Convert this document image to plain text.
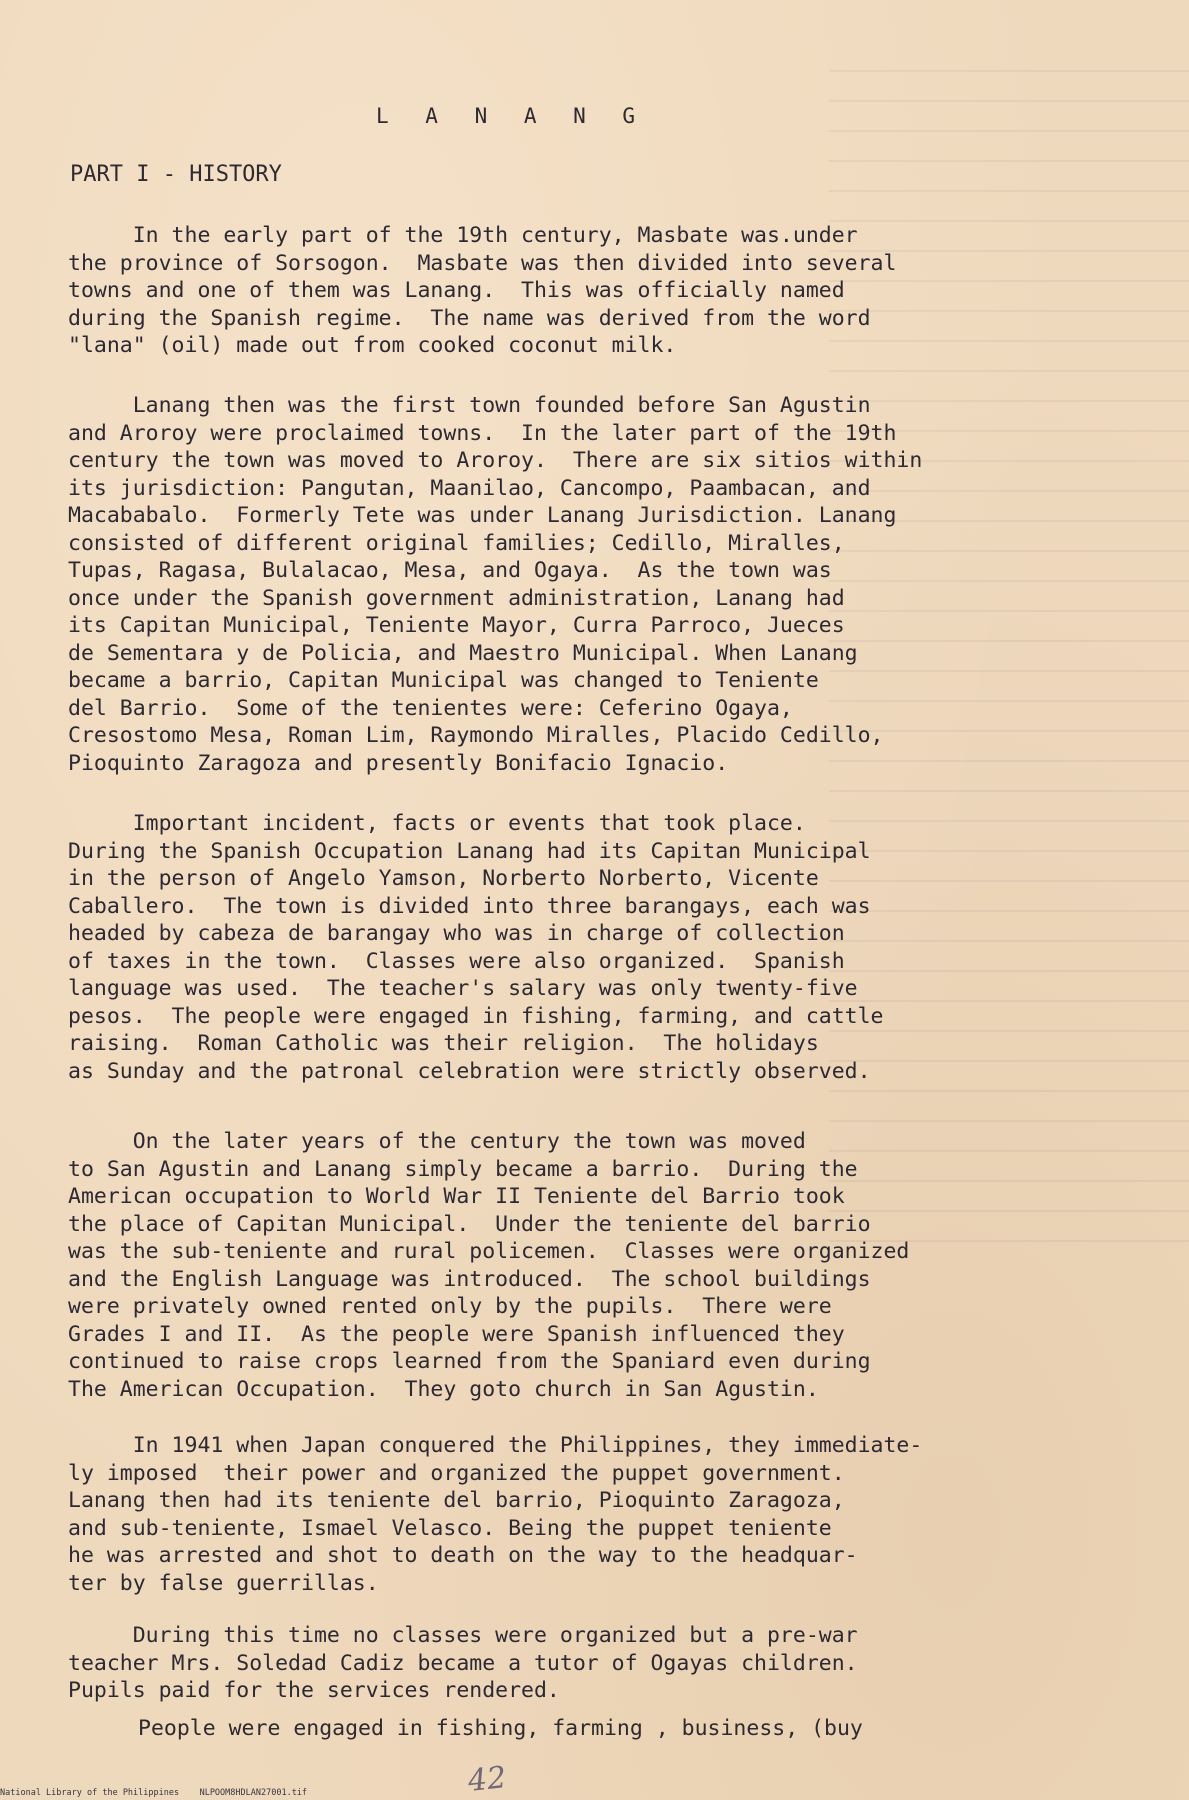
L A N A N G
PART I - HISTORY

In the early part of the 19th century, Masbate was.under
the province of Sorsogon.  Masbate was then divided into several
towns and one of them was Lanang.  This was officially named
during the Spanish regime.  The name was derived from the word
"lana" (oil) made out from cooked coconut milk.

Lanang then was the first town founded before San Agustin
and Aroroy were proclaimed towns.  In the later part of the 19th
century the town was moved to Aroroy.  There are six sitios within
its jurisdiction: Pangutan, Maanilao, Cancompo, Paambacan, and
Macababalo.  Formerly Tete was under Lanang Jurisdiction. Lanang
consisted of different original families; Cedillo, Miralles,
Tupas, Ragasa, Bulalacao, Mesa, and Ogaya.  As the town was
once under the Spanish government administration, Lanang had
its Capitan Municipal, Teniente Mayor, Curra Parroco, Jueces
de Sementara y de Policia, and Maestro Municipal. When Lanang
became a barrio, Capitan Municipal was changed to Teniente
del Barrio.  Some of the tenientes were: Ceferino Ogaya,
Cresostomo Mesa, Roman Lim, Raymondo Miralles, Placido Cedillo,
Pioquinto Zaragoza and presently Bonifacio Ignacio.

Important incident, facts or events that took place.
During the Spanish Occupation Lanang had its Capitan Municipal
in the person of Angelo Yamson, Norberto Norberto, Vicente
Caballero.  The town is divided into three barangays, each was
headed by cabeza de barangay who was in charge of collection
of taxes in the town.  Classes were also organized.  Spanish
language was used.  The teacher's salary was only twenty-five
pesos.  The people were engaged in fishing, farming, and cattle
raising.  Roman Catholic was their religion.  The holidays
as Sunday and the patronal celebration were strictly observed.

On the later years of the century the town was moved
to San Agustin and Lanang simply became a barrio.  During the
American occupation to World War II Teniente del Barrio took
the place of Capitan Municipal.  Under the teniente del barrio
was the sub-teniente and rural policemen.  Classes were organized
and the English Language was introduced.  The school buildings
were privately owned rented only by the pupils.  There were
Grades I and II.  As the people were Spanish influenced they
continued to raise crops learned from the Spaniard even during
The American Occupation.  They goto church in San Agustin.

In 1941 when Japan conquered the Philippines, they immediate-
ly imposed  their power and organized the puppet government.
Lanang then had its teniente del barrio, Pioquinto Zaragoza,
and sub-teniente, Ismael Velasco. Being the puppet teniente
he was arrested and shot to death on the way to the headquar-
ter by false guerrillas.

During this time no classes were organized but a pre-war
teacher Mrs. Soledad Cadiz became a tutor of Ogayas children.
Pupils paid for the services rendered.

People were engaged in fishing, farming , business, (buy
42
National Library of the Philippines    NLPOOM8HDLAN27001.tif
